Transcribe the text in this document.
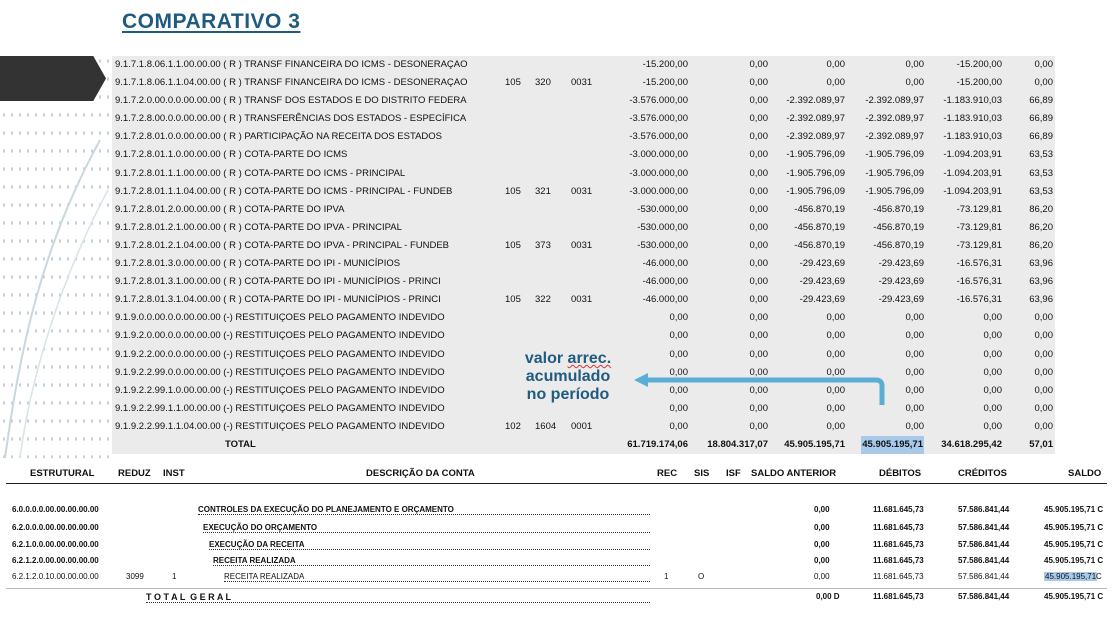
COMPARATIVO 3
9.1.7.1.8.06.1.1.00.00.00 ( R ) TRANSF FINANCEIRA DO ICMS - DESONERAÇAO	-15.200,00	0,00	0,00	0,00	-15.200,00	0,00
9.1.7.1.8.06.1.1.04.00.00 ( R ) TRANSF FINANCEIRA DO ICMS - DESONERAÇAO	105 320 0031	-15.200,00	0,00	0,00	0,00	-15.200,00	0,00
9.1.7.2.0.00.0.0.00.00.00 ( R ) TRANSF DOS ESTADOS E DO DISTRITO FEDERA	-3.576.000,00	0,00 -2.392.089,97 -2.392.089,97 -1.183.910,03	66,89
9.1.7.2.8.00.0.0.00.00.00 ( R ) TRANSFERÊNCIAS DOS ESTADOS - ESPECÍFICA	-3.576.000,00	0,00 -2.392.089,97 -2.392.089,97 -1.183.910,03	66,89
9.1.7.2.8.01.0.0.00.00.00 ( R ) PARTICIPAÇÃO NA RECEITA DOS ESTADOS	-3.576.000,00	0,00 -2.392.089,97 -2.392.089,97 -1.183.910,03	66,89
9.1.7.2.8.01.1.0.00.00.00 ( R ) COTA-PARTE DO ICMS	-3.000.000,00	0,00 -1.905.796,09 -1.905.796,09 -1.094.203,91	63,53
9.1.7.2.8.01.1.1.00.00.00 ( R ) COTA-PARTE DO ICMS - PRINCIPAL	-3.000.000,00	0,00 -1.905.796,09 -1.905.796,09 -1.094.203,91	63,53
9.1.7.2.8.01.1.1.04.00.00 ( R ) COTA-PARTE DO ICMS - PRINCIPAL - FUNDEB	105 321 0031	-3.000.000,00	0,00 -1.905.796,09 -1.905.796,09 -1.094.203,91	63,53
9.1.7.2.8.01.2.0.00.00.00 ( R ) COTA-PARTE DO IPVA	-530.000,00	0,00	-456.870,19	-456.870,19	-73.129,81	86,20
9.1.7.2.8.01.2.1.00.00.00 ( R ) COTA-PARTE DO IPVA - PRINCIPAL	-530.000,00	0,00	-456.870,19	-456.870,19	-73.129,81	86,20
9.1.7.2.8.01.2.1.04.00.00 ( R ) COTA-PARTE DO IPVA - PRINCIPAL - FUNDEB	105 373 0031	-530.000,00	0,00	-456.870,19	-456.870,19	-73.129,81	86,20
9.1.7.2.8.01.3.0.00.00.00 ( R ) COTA-PARTE DO IPI - MUNICÍPIOS	-46.000,00	0,00	-29.423,69	-29.423,69	-16.576,31	63,96
9.1.7.2.8.01.3.1.00.00.00 ( R ) COTA-PARTE DO IPI - MUNICÍPIOS - PRINCI	-46.000,00	0,00	-29.423,69	-29.423,69	-16.576,31	63,96
9.1.7.2.8.01.3.1.04.00.00 ( R ) COTA-PARTE DO IPI - MUNICÍPIOS - PRINCI	105 322 0031	-46.000,00	0,00	-29.423,69	-29.423,69	-16.576,31	63,96
9.1.9.0.0.00.0.0.00.00.00 (-) RESTITUIÇOES PELO PAGAMENTO INDEVIDO	0,00	0,00	0,00	0,00	0,00	0,00
9.1.9.2.0.00.0.0.00.00.00 (-) RESTITUIÇOES PELO PAGAMENTO INDEVIDO	0,00	0,00	0,00	0,00	0,00	0,00
9.1.9.2.2.00.0.0.00.00.00 (-) RESTITUIÇOES PELO PAGAMENTO INDEVIDO	0,00	0,00	0,00	0,00	0,00	0,00
9.1.9.2.2.99.0.0.00.00.00 (-) RESTITUIÇOES PELO PAGAMENTO INDEVIDO	0,00	0,00	0,00	0,00	0,00	0,00
9.1.9.2.2.99.1.0.00.00.00 (-) RESTITUIÇOES PELO PAGAMENTO INDEVIDO	0,00	0,00	0,00	0,00	0,00	0,00
9.1.9.2.2.99.1.1.00.00.00 (-) RESTITUIÇOES PELO PAGAMENTO INDEVIDO	0,00	0,00	0,00	0,00	0,00	0,00
9.1.9.2.2.99.1.1.04.00.00 (-) RESTITUIÇOES PELO PAGAMENTO INDEVIDO	102 1604 0001	0,00	0,00	0,00	0,00	0,00	0,00
TOTAL	61.719.174,06 18.804.317,07 45.905.195,71 45.905.195,71 34.618.295,42	57,01
valor arrec.
acumulado
no período
ESTRUTURAL REDUZ INST	DESCRIÇÃO DA CONTA	REC SIS ISF SALDO ANTERIOR	DÉBITOS	CRÉDITOS	SALDO
6.0.0.0.0.00.00.00.00.00	CONTROLES DA EXECUÇÃO DO PLANEJAMENTO E ORÇAMENTO	0,00	11.681.645,73	57.586.841,44	45.905.195,71 C
6.2.0.0.0.00.00.00.00.00	EXECUÇÃO DO ORÇAMENTO	0,00	11.681.645,73	57.586.841,44	45.905.195,71 C
6.2.1.0.0.00.00.00.00.00	EXECUÇÃO DA RECEITA	0,00	11.681.645,73	57.586.841,44	45.905.195,71 C
6.2.1.2.0.00.00.00.00.00	RECEITA REALIZADA	0,00	11.681.645,73	57.586.841,44	45.905.195,71 C
6.2.1.2.0.10.00.00.00.00	3099	1	RECEITA REALIZADA	1	O	0,00	11.681.645,73	57.586.841,44	45.905.195,71 C
T O T A L  G E R A L	0,00 D	11.681.645,73	57.586.841,44	45.905.195,71 C
